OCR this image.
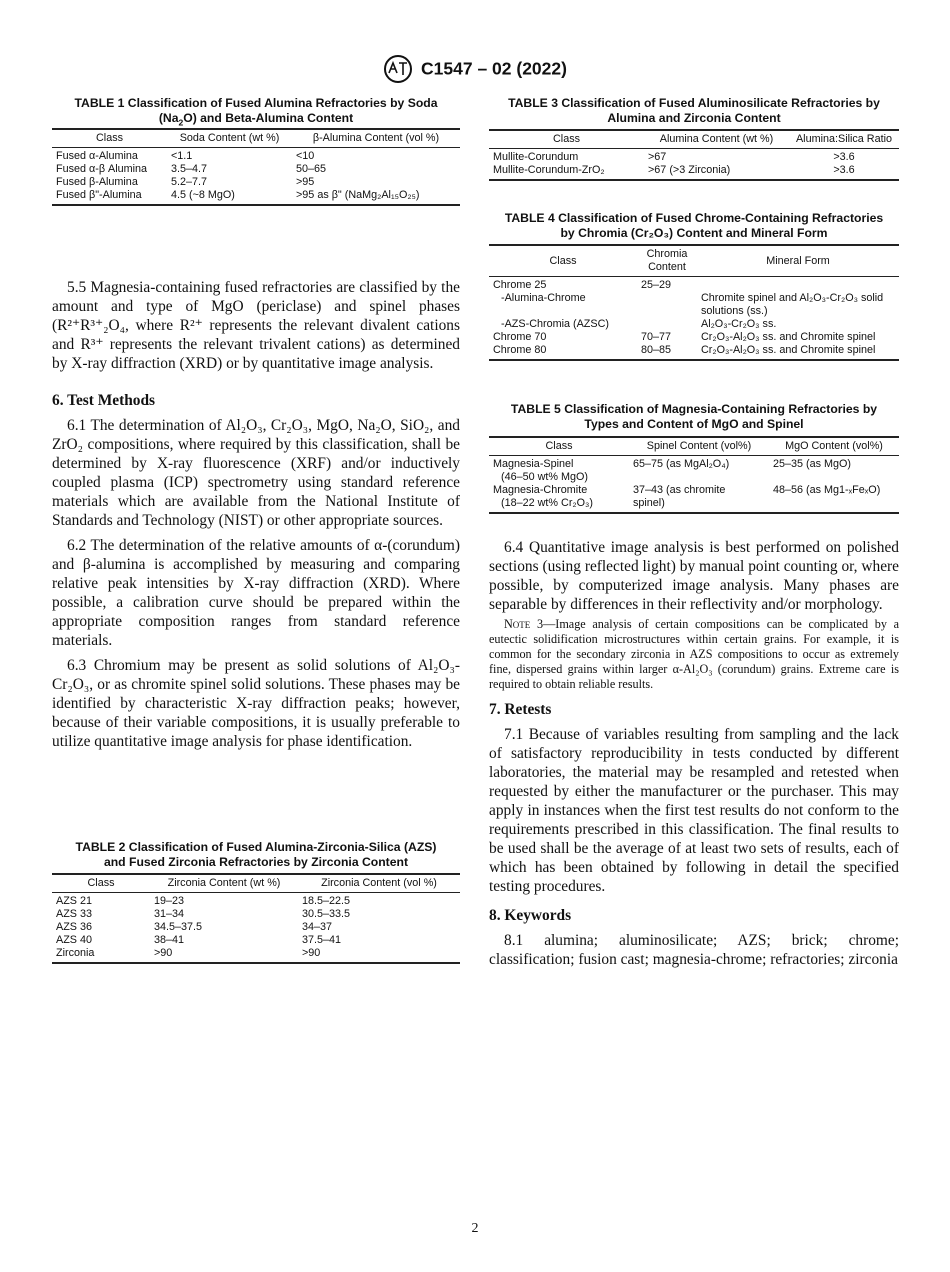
C1547 – 02 (2022)
TABLE 1 Classification of Fused Alumina Refractories by Soda
$(Na_2O)$ and Beta-Alumina Content
Class	Soda Content (wt %)	β-Alumina Content (vol %)
Fused α-Alumina	<1.1	<10
Fused α-β Alumina	3.5–4.7	50–65
Fused β-Alumina	5.2–7.7	>95
Fused β"-Alumina	4.5 (~8 MgO)	>95 as β" (NaMg₂Al₁₅O₂₅)
TABLE 3 Classification of Fused Aluminosilicate Refractories by
Alumina and Zirconia Content
Class	Alumina Content (wt %)	Alumina:Silica Ratio
Mullite-Corundum	>67	>3.6
Mullite-Corundum-ZrO₂	>67 (>3 Zirconia)	>3.6
TABLE 4 Classification of Fused Chrome-Containing Refractories
by Chromia (Cr₂O₃) Content and Mineral Form
Class	Chromia Content	Mineral Form
Chrome 25	25–29	
-Alumina-Chrome		Chromite spinel and Al₂O₃-Cr₂O₃ solid solutions (ss.)
-AZS-Chromia (AZSC)		Al₂O₃-Cr₂O₃ ss.
Chrome 70	70–77	Cr₂O₃-Al₂O₃ ss. and Chromite spinel
Chrome 80	80–85	Cr₂O₃-Al₂O₃ ss. and Chromite spinel
TABLE 5 Classification of Magnesia-Containing Refractories by
Types and Content of MgO and Spinel
Class	Spinel Content (vol%)	MgO Content (vol%)
Magnesia-Spinel	65–75 (as MgAl₂O₄)	25–35 (as MgO)
(46–50 wt% MgO)		
Magnesia-Chromite	37–43 (as chromite	48–56 (as Mg1-ₓFeₓO)
(18–22 wt% Cr₂O₃)	spinel)	

5.5 Magnesia-containing fused refractories are classified by the amount and type of MgO (periclase) and spinel phases (R²⁺R³⁺₂O₄, where R²⁺ represents the relevant divalent cations and R³⁺ represents the relevant trivalent cations) as determined by X-ray diffraction (XRD) or by quantitative image analysis.

6. Test Methods

6.1 The determination of Al₂O₃, Cr₂O₃, MgO, Na₂O, SiO₂, and ZrO₂ compositions, where required by this classification, shall be determined by X-ray fluorescence (XRF) and/or inductively coupled plasma (ICP) spectrometry using standard reference materials which are available from the National Institute of Standards and Technology (NIST) or other appropriate sources.

6.2 The determination of the relative amounts of α-(corundum) and β-alumina is accomplished by measuring and comparing relative peak intensities by X-ray diffraction (XRD). Where possible, a calibration curve should be prepared within the appropriate composition ranges from standard reference materials.

6.3 Chromium may be present as solid solutions of Al₂O₃-Cr₂O₃, or as chromite spinel solid solutions. These phases may be identified by characteristic X-ray diffraction peaks; however, because of their variable compositions, it is usually preferable to utilize quantitative image analysis for phase identification.

TABLE 2 Classification of Fused Alumina-Zirconia-Silica (AZS)
and Fused Zirconia Refractories by Zirconia Content
Class	Zirconia Content (wt %)	Zirconia Content (vol %)
AZS 21	19–23	18.5–22.5
AZS 33	31–34	30.5–33.5
AZS 36	34.5–37.5	34–37
AZS 40	38–41	37.5–41
Zirconia	>90	>90

6.4 Quantitative image analysis is best performed on polished sections (using reflected light) by manual point counting or, where possible, by computerized image analysis. Many phases are separable by differences in their reflectivity and/or morphology.

Note 3—Image analysis of certain compositions can be complicated by a eutectic solidification microstructures within certain grains. For example, it is common for the secondary zirconia in AZS compositions to occur as extremely fine, dispersed grains within larger α-Al₂O₃ (corundum) grains. Extreme care is required to obtain reliable results.

7. Retests

7.1 Because of variables resulting from sampling and the lack of satisfactory reproducibility in tests conducted by different laboratories, the material may be resampled and retested when requested by either the manufacturer or the purchaser. This may apply in instances when the first test results do not conform to the requirements prescribed in this classification. The final results to be used shall be the average of at least two sets of results, each of which has been obtained by following in detail the specified testing procedures.

8. Keywords

8.1 alumina; aluminosilicate; AZS; brick; chrome; classification; fusion cast; magnesia-chrome; refractories; zirconia

2
